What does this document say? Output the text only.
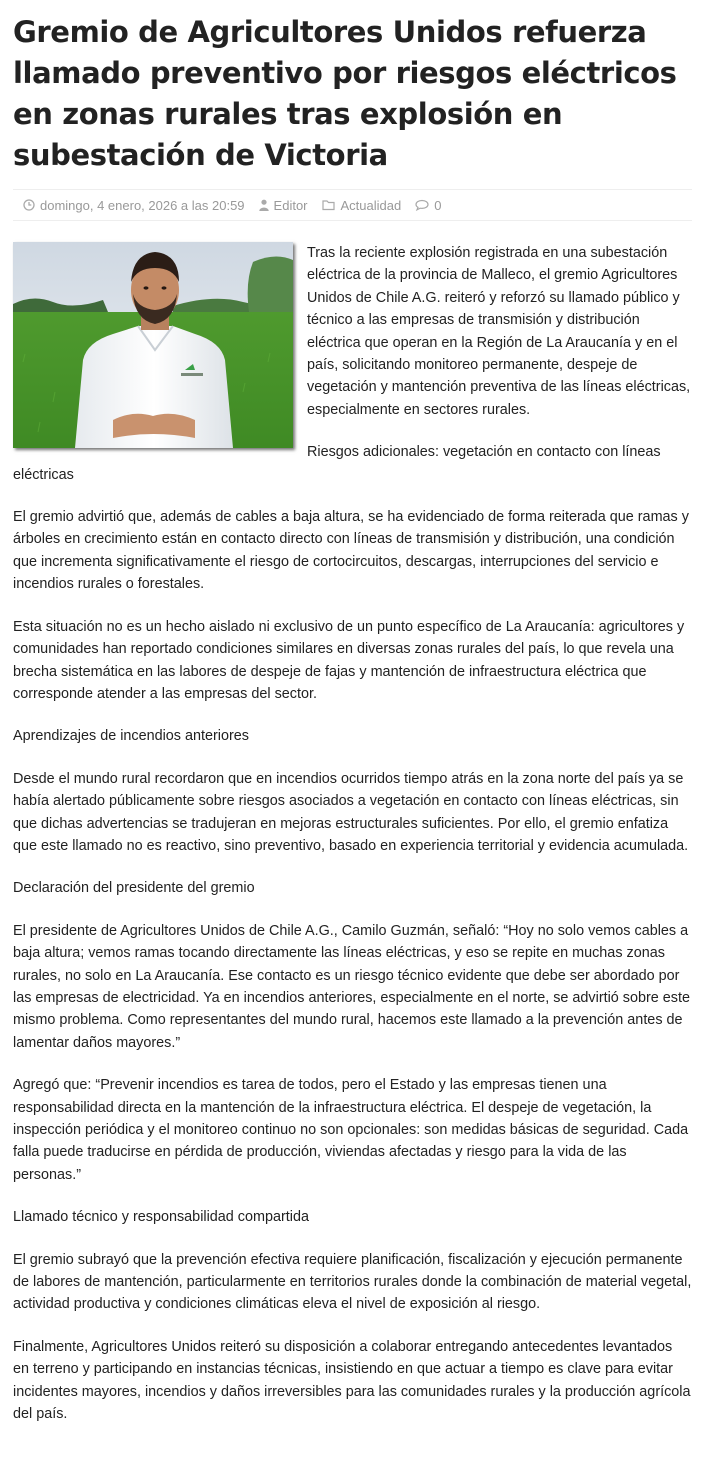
Gremio de Agricultores Unidos refuerza llamado preventivo por riesgos eléctricos en zonas rurales tras explosión en subestación de Victoria
domingo, 4 enero, 2026 a las 20:59 Editor	Actualidad	0

Tras la reciente explosión registrada en una subestación eléctrica de la provincia de Malleco, el gremio Agricultores Unidos de Chile A.G. reiteró y reforzó su llamado público y técnico a las empresas de transmisión y distribución eléctrica que operan en la Región de La Araucanía y en el país, solicitando monitoreo permanente, despeje de vegetación y mantención preventiva de las líneas eléctricas, especialmente en sectores rurales.

Riesgos adicionales: vegetación en contacto con líneas eléctricas

El gremio advirtió que, además de cables a baja altura, se ha evidenciado de forma reiterada que ramas y árboles en crecimiento están en contacto directo con líneas de transmisión y distribución, una condición que incrementa significativamente el riesgo de cortocircuitos, descargas, interrupciones del servicio e incendios rurales o forestales.

Esta situación no es un hecho aislado ni exclusivo de un punto específico de La Araucanía: agricultores y comunidades han reportado condiciones similares en diversas zonas rurales del país, lo que revela una brecha sistemática en las labores de despeje de fajas y mantención de infraestructura eléctrica que corresponde atender a las empresas del sector.

Aprendizajes de incendios anteriores

Desde el mundo rural recordaron que en incendios ocurridos tiempo atrás en la zona norte del país ya se había alertado públicamente sobre riesgos asociados a vegetación en contacto con líneas eléctricas, sin que dichas advertencias se tradujeran en mejoras estructurales suficientes. Por ello, el gremio enfatiza que este llamado no es reactivo, sino preventivo, basado en experiencia territorial y evidencia acumulada.

Declaración del presidente del gremio

El presidente de Agricultores Unidos de Chile A.G., Camilo Guzmán, señaló: “Hoy no solo vemos cables a baja altura; vemos ramas tocando directamente las líneas eléctricas, y eso se repite en muchas zonas rurales, no solo en La Araucanía. Ese contacto es un riesgo técnico evidente que debe ser abordado por las empresas de electricidad. Ya en incendios anteriores, especialmente en el norte, se advirtió sobre este mismo problema. Como representantes del mundo rural, hacemos este llamado a la prevención antes de lamentar daños mayores.”

Agregó que: “Prevenir incendios es tarea de todos, pero el Estado y las empresas tienen una responsabilidad directa en la mantención de la infraestructura eléctrica. El despeje de vegetación, la inspección periódica y el monitoreo continuo no son opcionales: son medidas básicas de seguridad. Cada falla puede traducirse en pérdida de producción, viviendas afectadas y riesgo para la vida de las personas.”

Llamado técnico y responsabilidad compartida

El gremio subrayó que la prevención efectiva requiere planificación, fiscalización y ejecución permanente de labores de mantención, particularmente en territorios rurales donde la combinación de material vegetal, actividad productiva y condiciones climáticas eleva el nivel de exposición al riesgo.

Finalmente, Agricultores Unidos reiteró su disposición a colaborar entregando antecedentes levantados en terreno y participando en instancias técnicas, insistiendo en que actuar a tiempo es clave para evitar incidentes mayores, incendios y daños irreversibles para las comunidades rurales y la producción agrícola del país.
